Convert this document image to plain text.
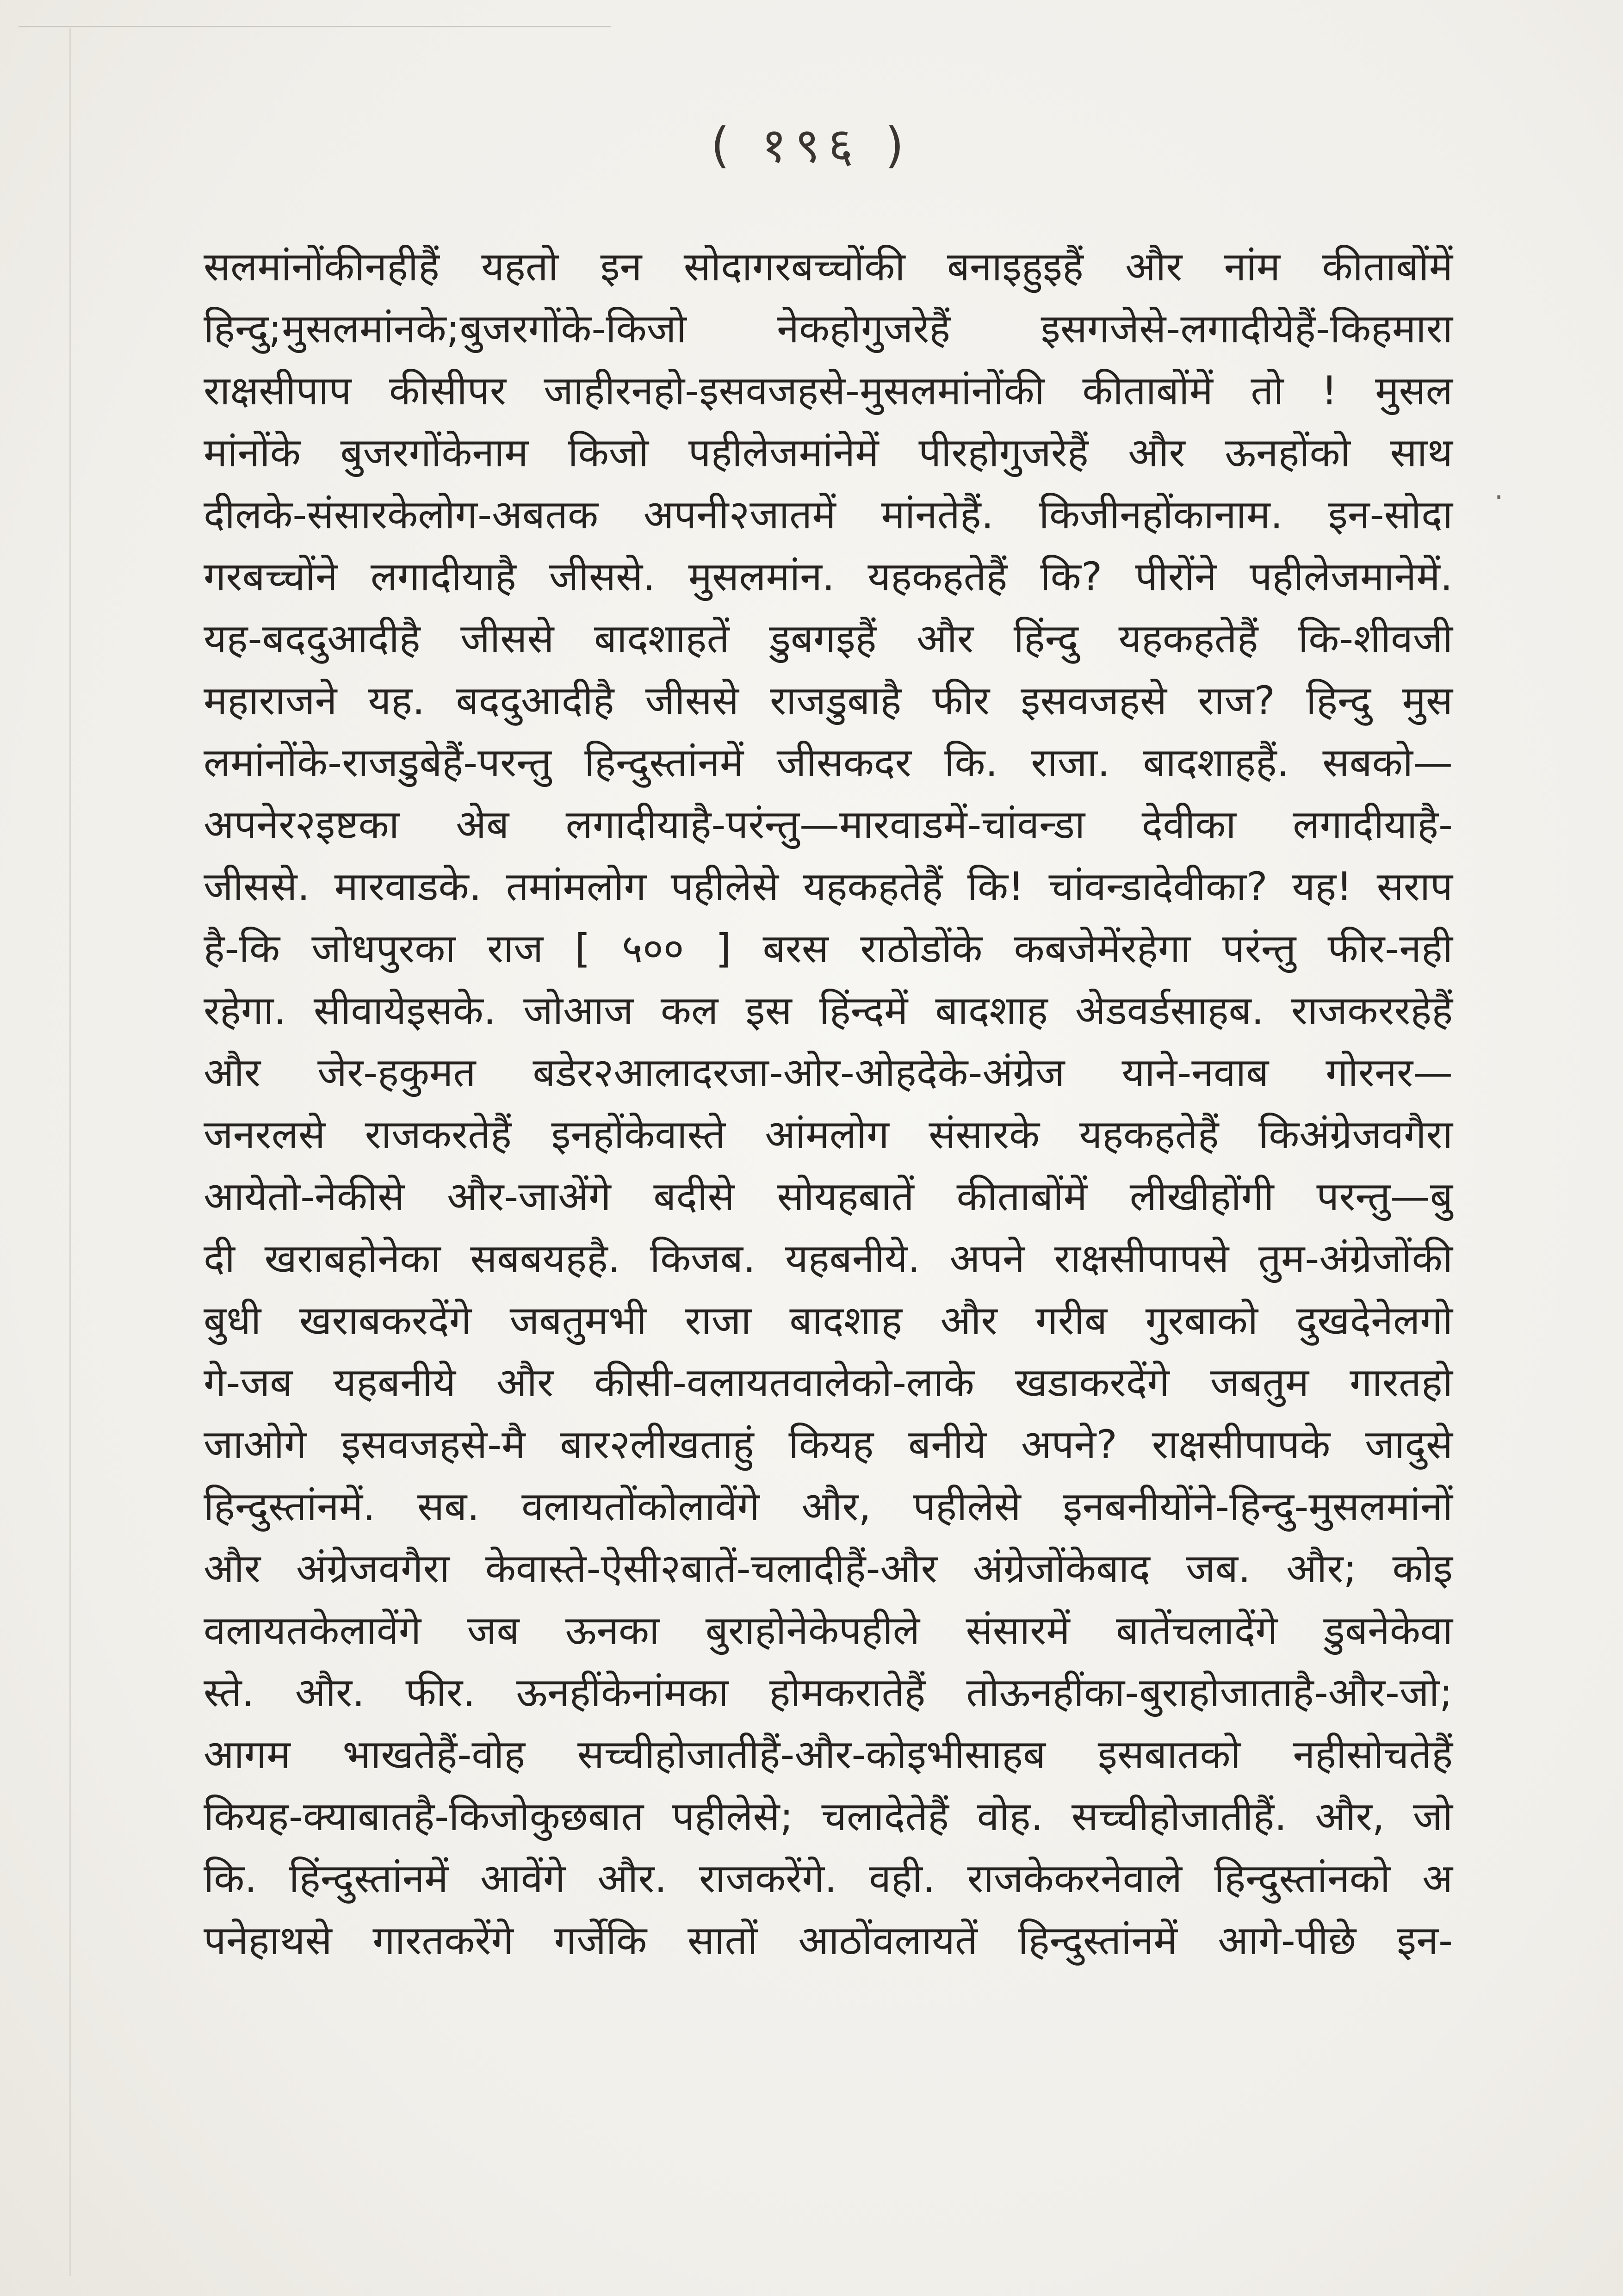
( १९६ )
सलमांनोंकीनहीहैं यहतो इन सोदागरबच्चोंकी बनाइहुइहैं और नांम कीताबोंमें
हिन्दु;मुसलमांनके;बुजरगोंके-किजो नेकहोगुजरेहैं इसगजेसे-लगादीयेहैं-किहमारा
राक्षसीपाप कीसीपर जाहीरनहो-इसवजहसे-मुसलमांनोंकी कीताबोंमें तो ! मुसल
मांनोंके बुजरगोंकेनाम किजो पहीलेजमांनेमें पीरहोगुजरेहैं और ऊनहोंको साथ
दीलके-संसारकेलोग-अबतक अपनी२जातमें मांनतेहैं. किजीनहोंकानाम. इन-सोदा
गरबच्चोंने लगादीयाहै जीससे. मुसलमांन. यहकहतेहैं कि? पीरोंने पहीलेजमानेमें.
यह-बददुआदीहै जीससे बादशाहतें डुबगइहैं और हिंन्दु यहकहतेहैं कि-शीवजी
महाराजने यह. बददुआदीहै जीससे राजडुबाहै फीर इसवजहसे राज? हिन्दु मुस
लमांनोंके-राजडुबेहैं-परन्तु हिन्दुस्तांनमें जीसकदर कि. राजा. बादशाहहैं. सबको—
अपनेर२इष्टका अेब लगादीयाहै-परंन्तु—मारवाडमें-चांवन्डा देवीका लगादीयाहै-
जीससे. मारवाडके. तमांमलोग पहीलेसे यहकहतेहैं कि! चांवन्डादेवीका? यह! सराप
है-कि जोधपुरका राज [ ५०० ] बरस राठोडोंके कबजेमेंरहेगा परंन्तु फीर-नही
रहेगा. सीवायेइसके. जोआज कल इस हिंन्दमें बादशाह अेडवर्डसाहब. राजकररहेहैं
और जेर-हकुमत बडेर२आलादरजा-ओर-ओहदेके-अंग्रेज याने-नवाब गोरनर—
जनरलसे राजकरतेहैं इनहोंकेवास्ते आंमलोग संसारके यहकहतेहैं किअंग्रेजवगैरा
आयेतो-नेकीसे और-जाअेंगे बदीसे सोयहबातें कीताबोंमें लीखीहोंगी परन्तु—बु
दी खराबहोनेका सबबयहहै. किजब. यहबनीये. अपने राक्षसीपापसे तुम-अंग्रेजोंकी
बुधी खराबकरदेंगे जबतुमभी राजा बादशाह और गरीब गुरबाको दुखदेनेलगो
गे-जब यहबनीये और कीसी-वलायतवालेको-लाके खडाकरदेंगे जबतुम गारतहो
जाओगे इसवजहसे-मै बार२लीखताहुं कियह बनीये अपने? राक्षसीपापके जादुसे
हिन्दुस्तांनमें. सब. वलायतोंकोलावेंगे और, पहीलेसे इनबनीयोंने-हिन्दु-मुसलमांनों
और अंग्रेजवगैरा केवास्ते-ऐसी२बातें-चलादीहैं-और अंग्रेजोंकेबाद जब. और; कोइ
वलायतकेलावेंगे जब ऊनका बुराहोनेकेपहीले संसारमें बातेंचलादेंगे डुबनेकेवा
स्ते. और. फीर. ऊनहींकेनांमका होमकरातेहैं तोऊनहींका-बुराहोजाताहै-और-जो;
आगम भाखतेहैं-वोह सच्चीहोजातीहैं-और-कोइभीसाहब इसबातको नहीसोचतेहैं
कियह-क्याबातहै-किजोकुछबात पहीलेसे; चलादेतेहैं वोह. सच्चीहोजातीहैं. और, जो
कि. हिंन्दुस्तांनमें आवेंगे और. राजकरेंगे. वही. राजकेकरनेवाले हिन्दुस्तांनको अ
पनेहाथसे गारतकरेंगे गर्जेकि सातों आठोंवलायतें हिन्दुस्तांनमें आगे-पीछे इन-
·
